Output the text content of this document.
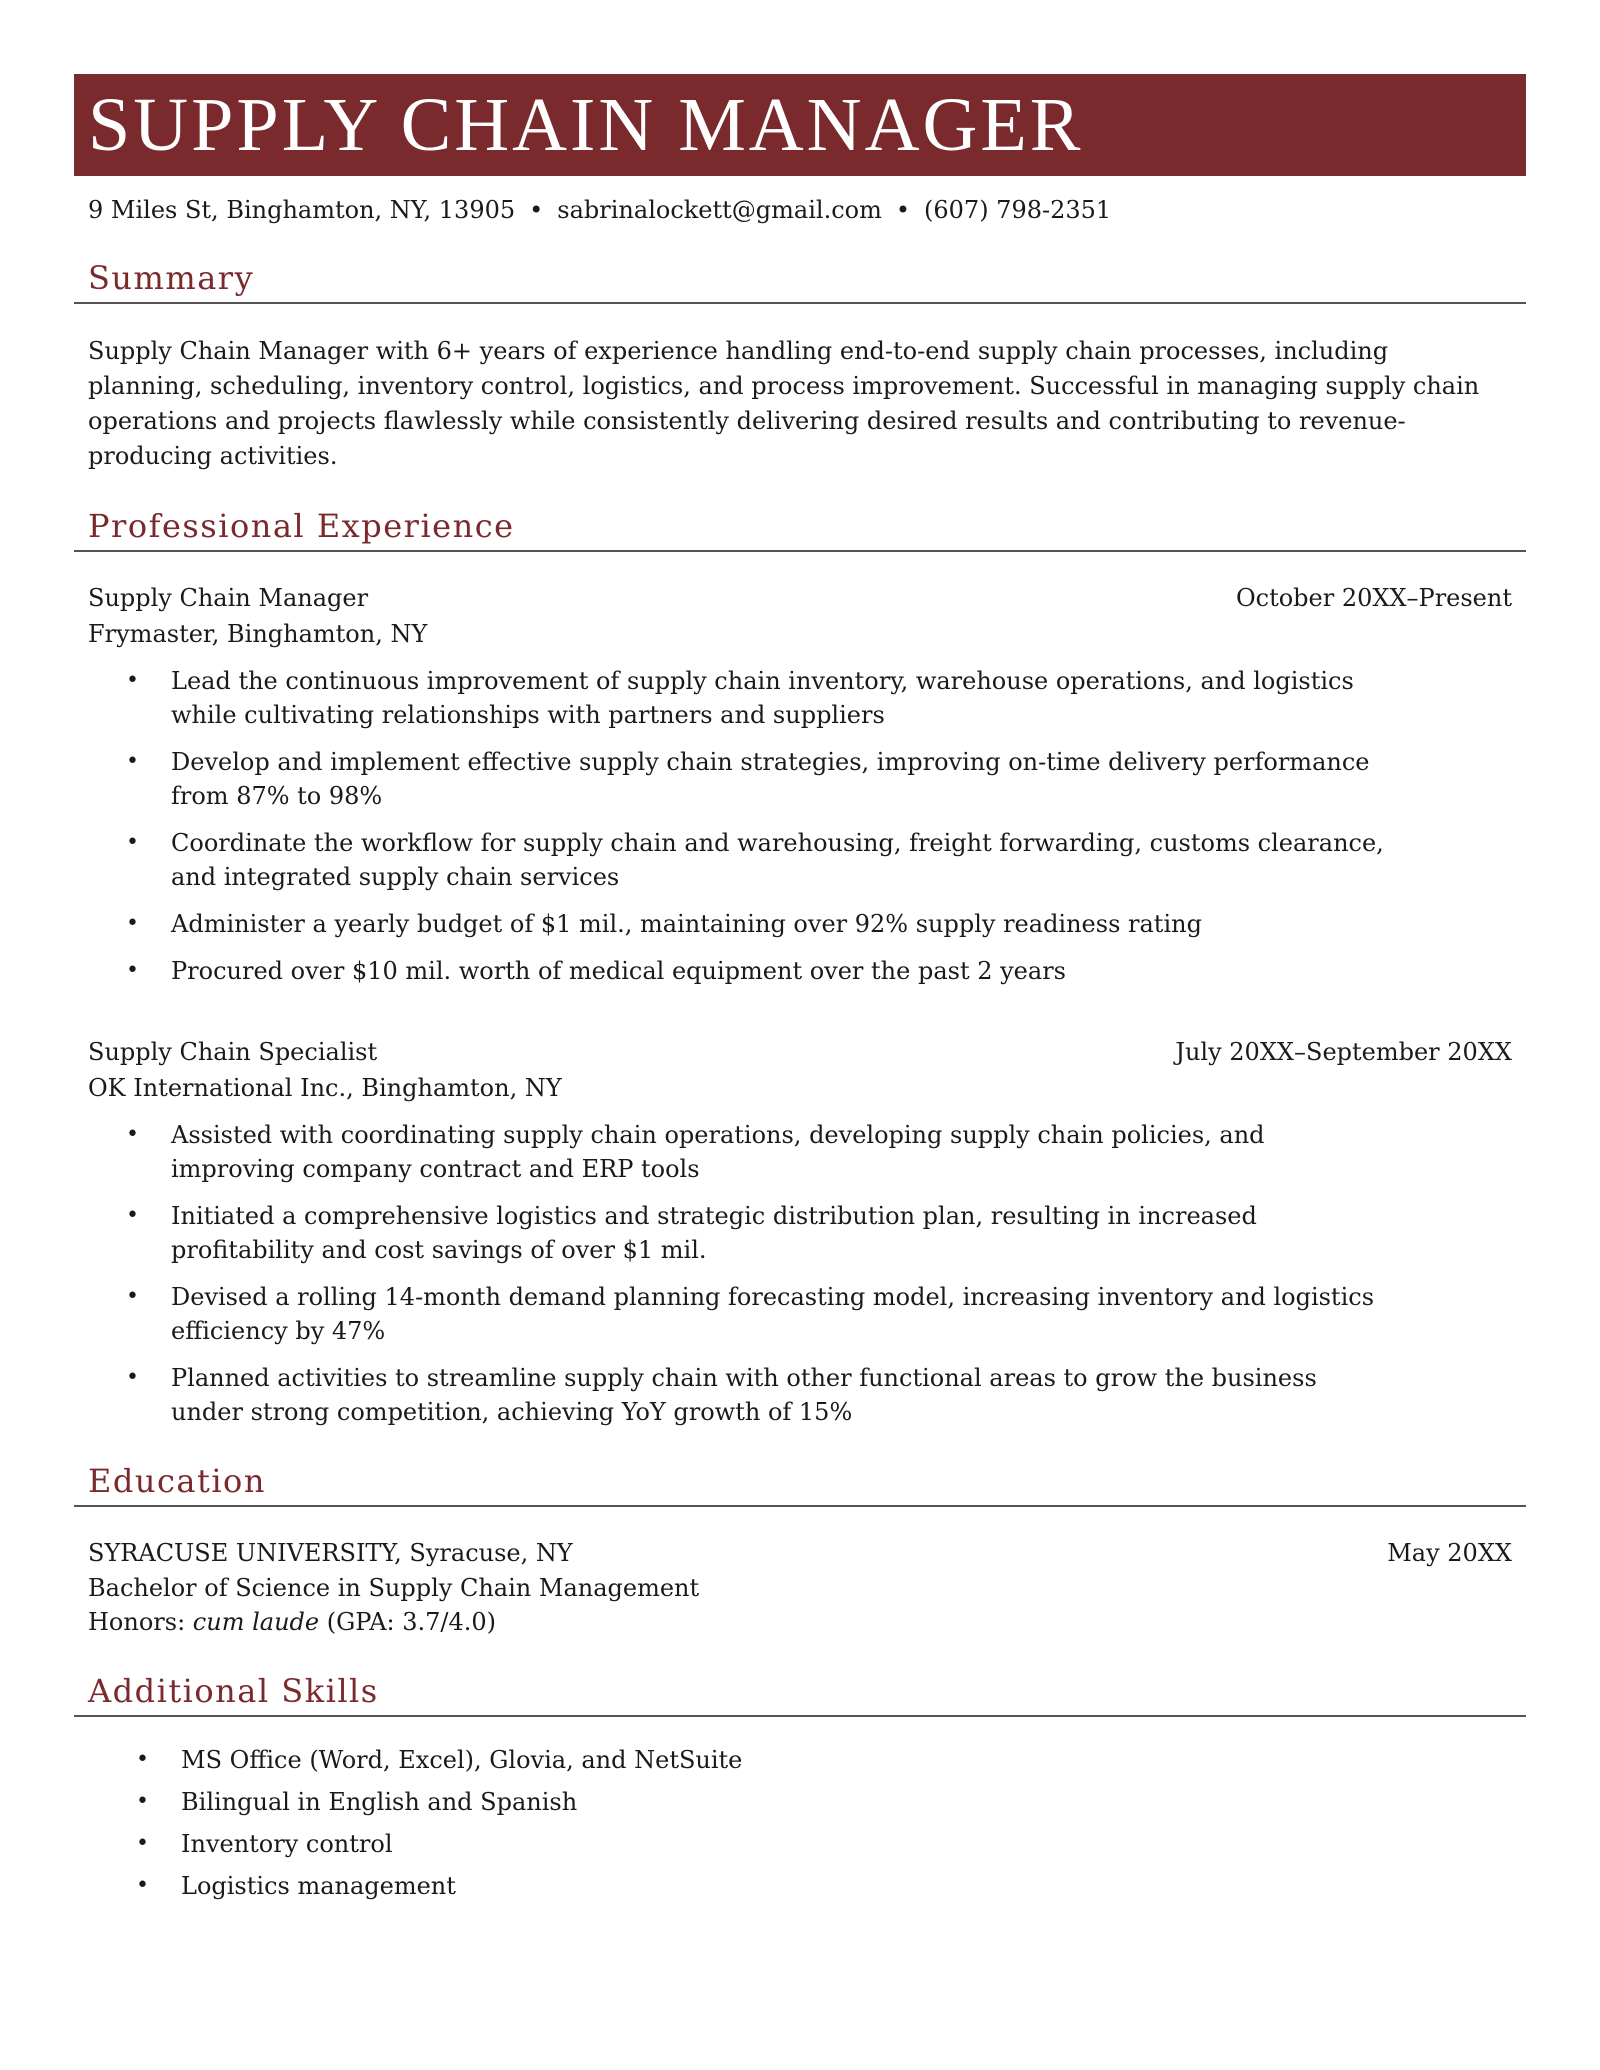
SUPPLY CHAIN MANAGER
9 Miles St, Binghamton, NY, 13905 • sabrinalockett@gmail.com • (607) 798-2351
Summary

Supply Chain Manager with 6+ years of experience handling end-to-end supply chain processes, including planning, scheduling, inventory control, logistics, and process improvement. Successful in managing supply chain operations and projects flawlessly while consistently delivering desired results and contributing to revenue-producing activities.

Professional Experience
Supply Chain Manager	October 20XX–Present
Frymaster, Binghamton, NY
• Lead the continuous improvement of supply chain inventory, warehouse operations, and logistics while cultivating relationships with partners and suppliers
• Develop and implement effective supply chain strategies, improving on-time delivery performance from 87% to 98%
• Coordinate the workflow for supply chain and warehousing, freight forwarding, customs clearance, and integrated supply chain services
• Administer a yearly budget of $1 mil., maintaining over 92% supply readiness rating
• Procured over $10 mil. worth of medical equipment over the past 2 years
Supply Chain Specialist	July 20XX–September 20XX
OK International Inc., Binghamton, NY
• Assisted with coordinating supply chain operations, developing supply chain policies, and improving company contract and ERP tools
• Initiated a comprehensive logistics and strategic distribution plan, resulting in increased profitability and cost savings of over $1 mil.
• Devised a rolling 14-month demand planning forecasting model, increasing inventory and logistics efficiency by 47%
• Planned activities to streamline supply chain with other functional areas to grow the business under strong competition, achieving YoY growth of 15%
Education
SYRACUSE UNIVERSITY, Syracuse, NY	May 20XX
Bachelor of Science in Supply Chain Management
Honors: cum laude (GPA: 3.7/4.0)
Additional Skills
• MS Office (Word, Excel), Glovia, and NetSuite
• Bilingual in English and Spanish
• Inventory control
• Logistics management
